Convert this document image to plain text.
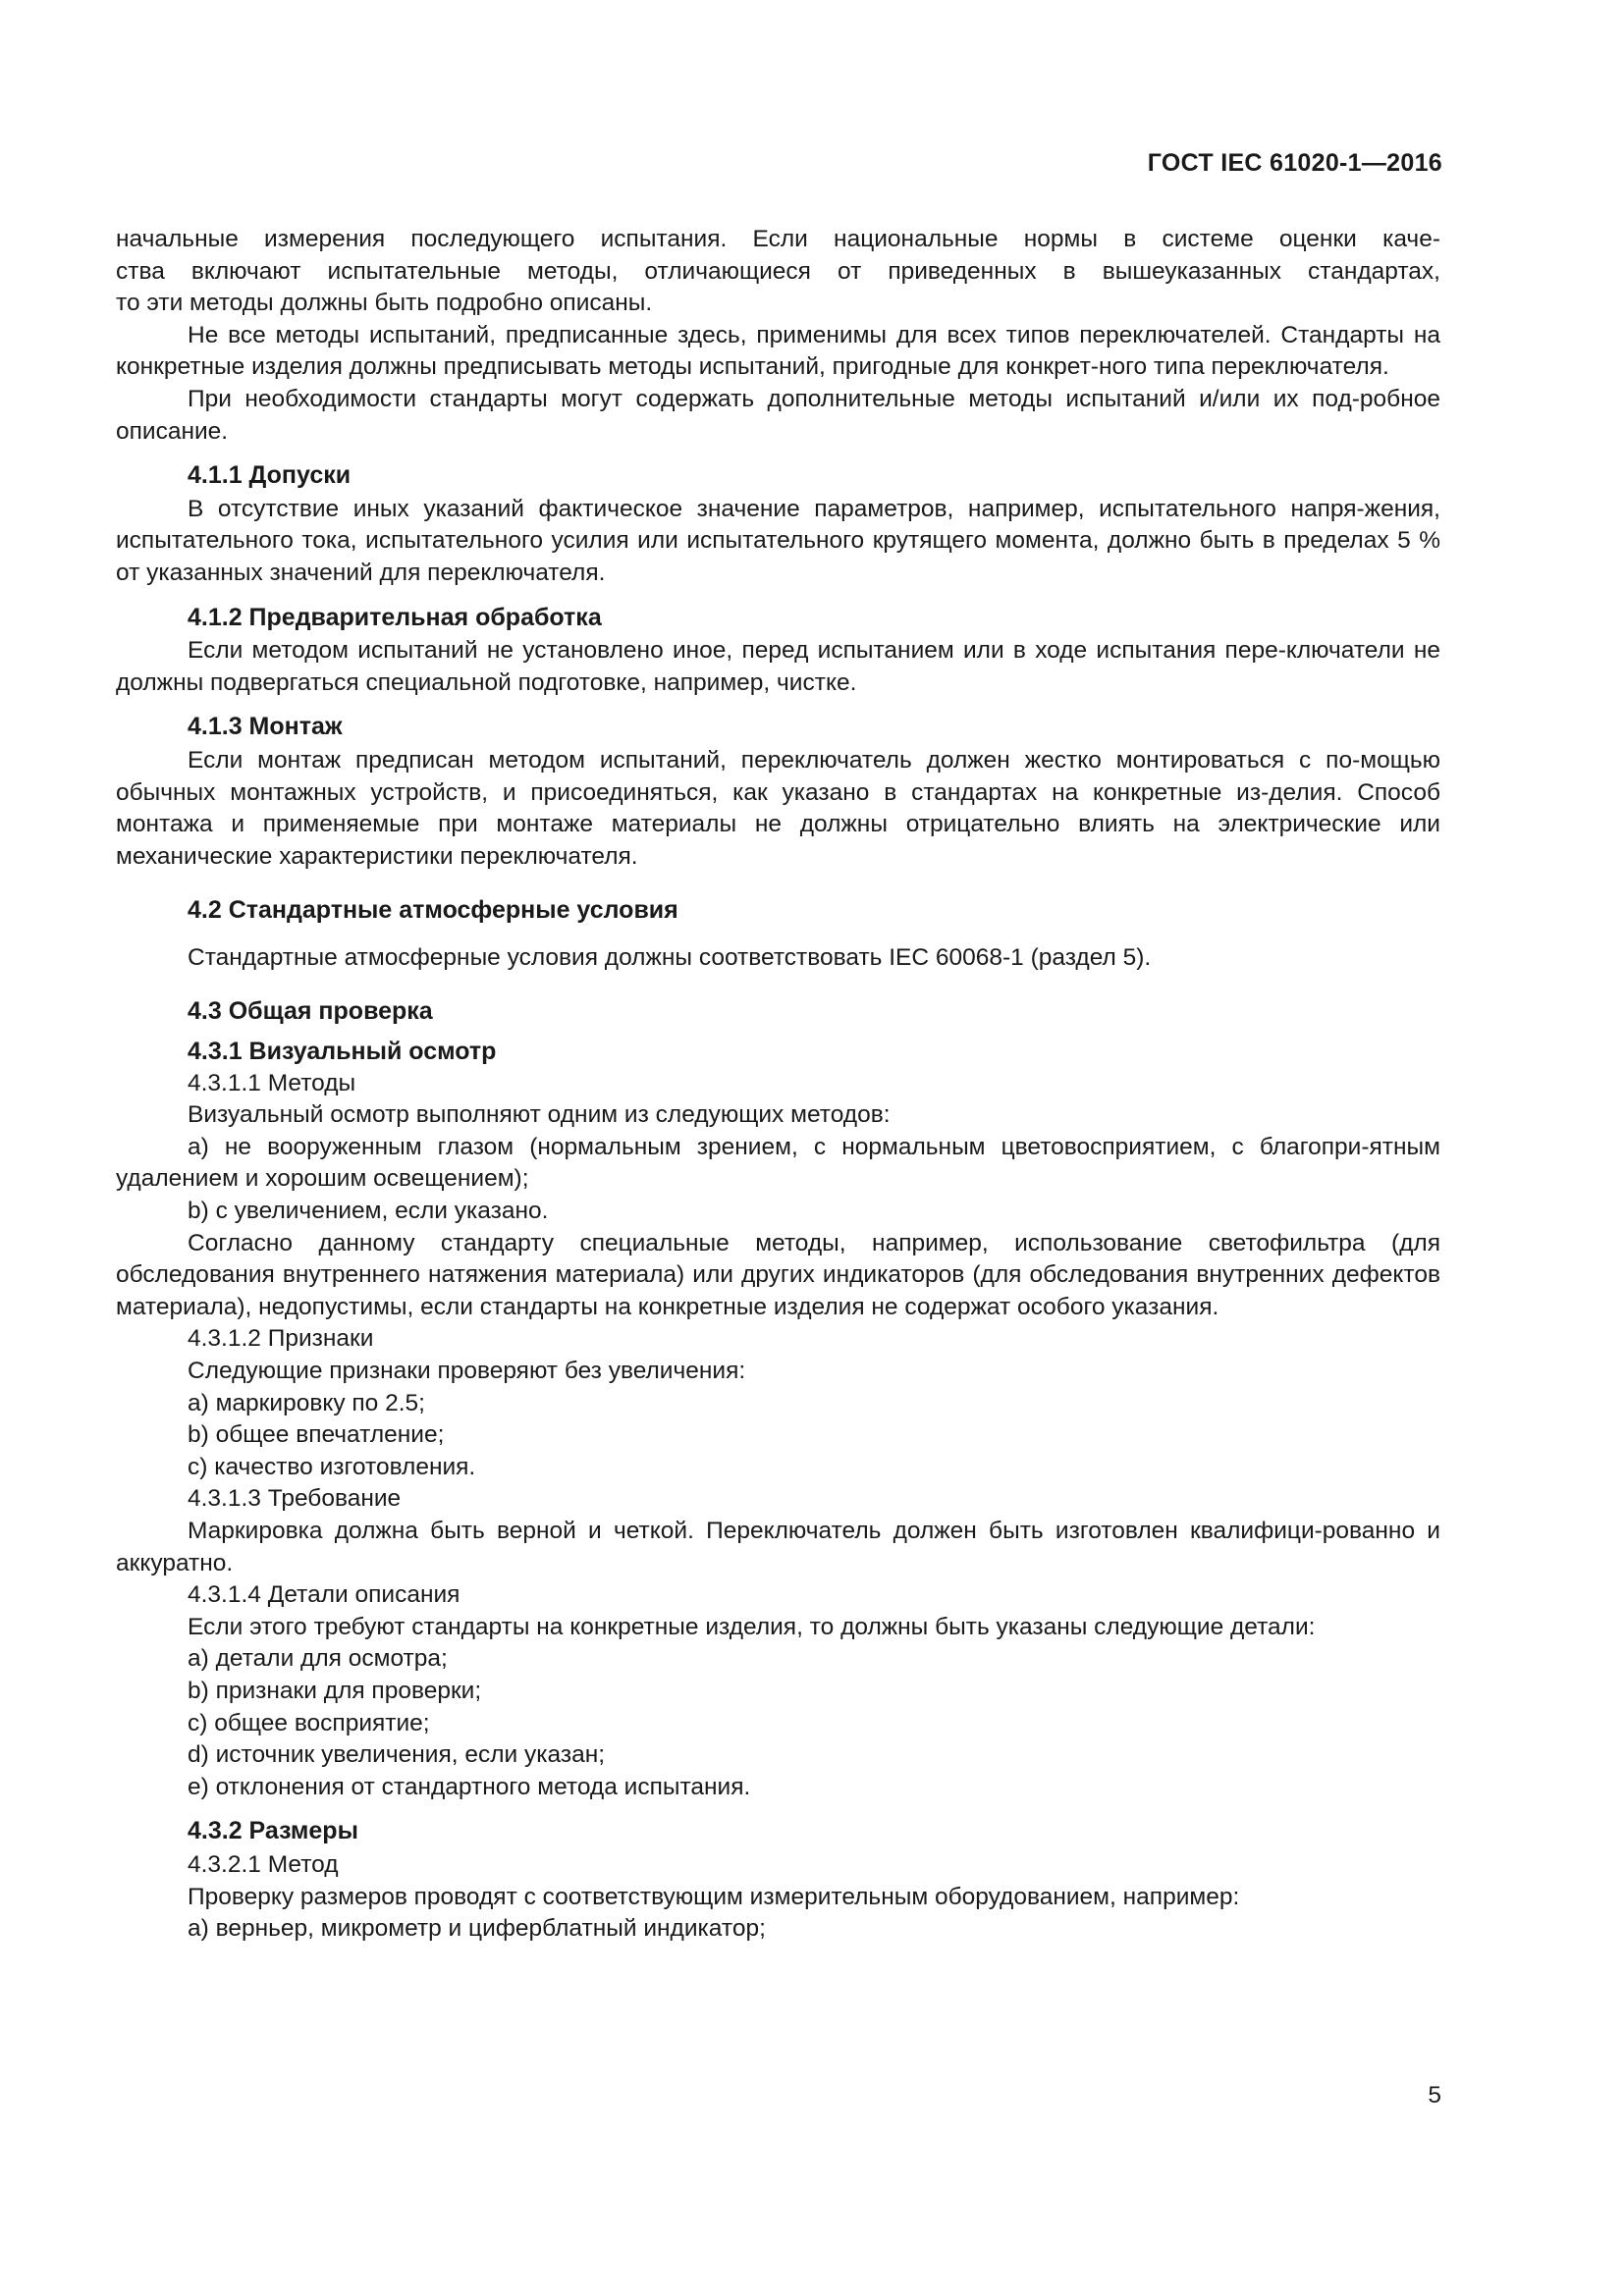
ГОСТ IEC 61020-1—2016

начальные измерения последующего испытания. Если национальные нормы в системе оценки каче-

ства включают испытательные методы, отличающиеся от приведенных в вышеуказанных стандартах,

то эти методы должны быть подробно описаны.

Не все методы испытаний, предписанные здесь, применимы для всех типов переключателей. Стандарты на конкретные изделия должны предписывать методы испытаний, пригодные для конкрет-ного типа переключателя.

При необходимости стандарты могут содержать дополнительные методы испытаний и/или их под-робное описание.

4.1.1 Допуски

В отсутствие иных указаний фактическое значение параметров, например, испытательного напря-жения, испытательного тока, испытательного усилия или испытательного крутящего момента, должно быть в пределах 5 % от указанных значений для переключателя.

4.1.2 Предварительная обработка

Если методом испытаний не установлено иное, перед испытанием или в ходе испытания пере-ключатели не должны подвергаться специальной подготовке, например, чистке.

4.1.3 Монтаж

Если монтаж предписан методом испытаний, переключатель должен жестко монтироваться с по-мощью обычных монтажных устройств, и присоединяться, как указано в стандартах на конкретные из-делия. Способ монтажа и применяемые при монтаже материалы не должны отрицательно влиять на электрические или механические характеристики переключателя.

4.2 Стандартные атмосферные условия

Стандартные атмосферные условия должны соответствовать IEC 60068-1 (раздел 5).

4.3 Общая проверка
4.3.1 Визуальный осмотр

4.3.1.1 Методы

Визуальный осмотр выполняют одним из следующих методов:

а) не вооруженным глазом (нормальным зрением, с нормальным цветовосприятием, с благопри-ятным удалением и хорошим освещением);

b) с увеличением, если указано.

Согласно данному стандарту специальные методы, например, использование светофильтра (для обследования внутреннего натяжения материала) или других индикаторов (для обследования внутренних дефектов материала), недопустимы, если стандарты на конкретные изделия не содержат особого указания.

4.3.1.2 Признаки

Следующие признаки проверяют без увеличения:

а) маркировку по 2.5;

b) общее впечатление;

с) качество изготовления.

4.3.1.3 Требование

Маркировка должна быть верной и четкой. Переключатель должен быть изготовлен квалифици-рованно и аккуратно.

4.3.1.4 Детали описания

Если этого требуют стандарты на конкретные изделия, то должны быть указаны следующие детали:

а) детали для осмотра;

b) признаки для проверки;

с) общее восприятие;

d) источник увеличения, если указан;

е) отклонения от стандартного метода испытания.

4.3.2 Размеры

4.3.2.1 Метод

Проверку размеров проводят с соответствующим измерительным оборудованием, например:

а) верньер, микрометр и циферблатный индикатор;

5
